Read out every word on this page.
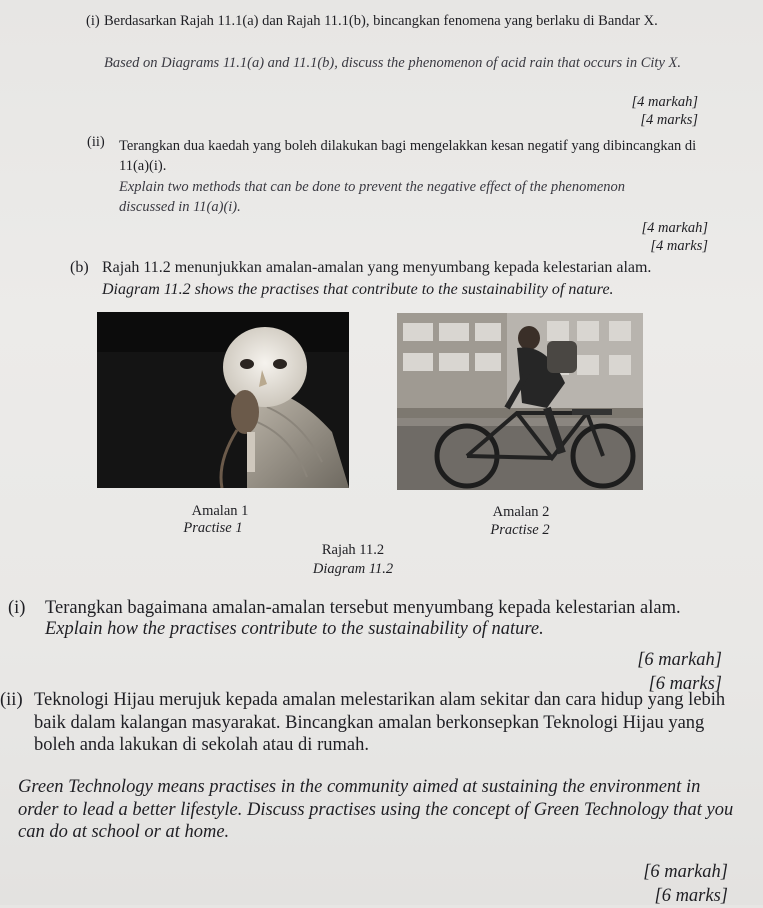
(i) Berdasarkan Rajah 11.1(a) dan Rajah 11.1(b), bincangkan fenomena yang berlaku di Bandar X.
Based on Diagrams 11.1(a) and 11.1(b), discuss the phenomenon of acid rain that occurs in City X.
[4 markah]
[4 marks]
(ii) Terangkan dua kaedah yang boleh dilakukan bagi mengelakkan kesan negatif yang dibincangkan di 11(a)(i).
Explain two methods that can be done to prevent the negative effect of the phenomenon discussed in 11(a)(i).
[4 markah]
[4 marks]
(b) Rajah 11.2 menunjukkan amalan-amalan yang menyumbang kepada kelestarian alam.
Diagram 11.2 shows the practises that contribute to the sustainability of nature.
Amalan 1
Practise 1
Amalan 2
Practise 2
Rajah 11.2
Diagram 11.2
(i) Terangkan bagaimana amalan-amalan tersebut menyumbang kepada kelestarian alam.
Explain how the practises contribute to the sustainability of nature.
[6 markah]
[6 marks]
(ii) Teknologi Hijau merujuk kepada amalan melestarikan alam sekitar dan cara hidup yang lebih baik dalam kalangan masyarakat. Bincangkan amalan berkonsepkan Teknologi Hijau yang boleh anda lakukan di sekolah atau di rumah.
Green Technology means practises in the community aimed at sustaining the environment in order to lead a better lifestyle. Discuss practises using the concept of Green Technology that you can do at school or at home.
[6 markah]
[6 marks]
